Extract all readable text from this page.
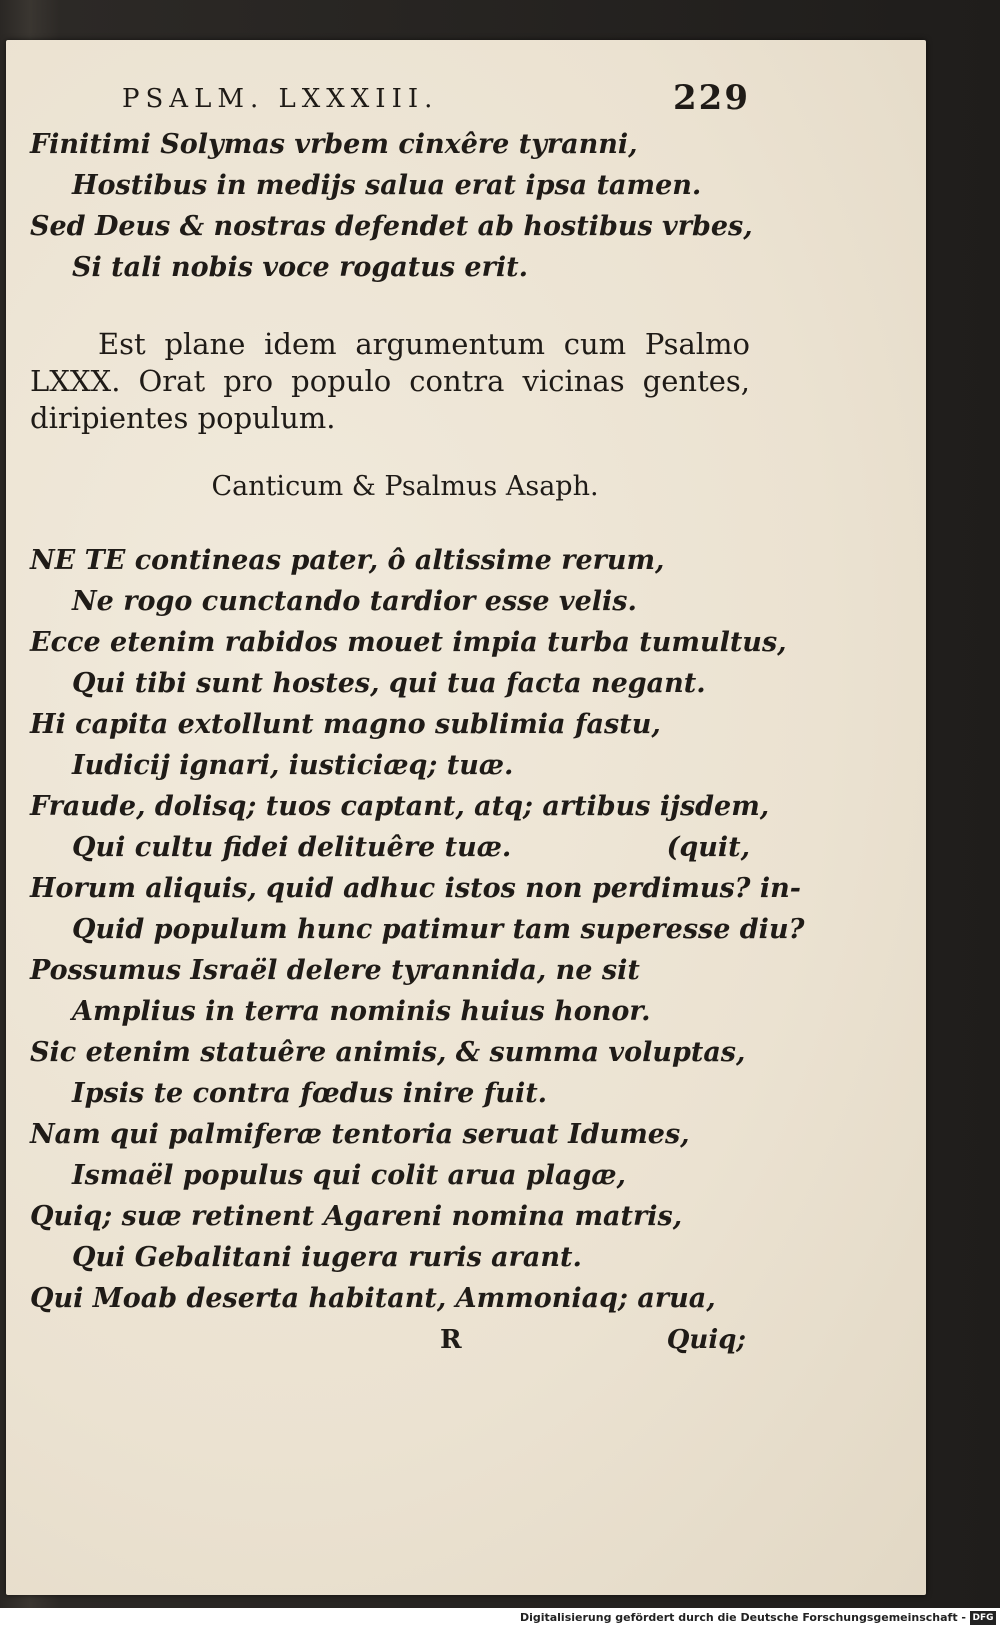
PSALM. LXXXIII.	229
Finitimi Solymas vrbem cinxêre tyranni,
Hostibus in medijs salua erat ipsa tamen.
Sed Deus & nostras defendet ab hostibus vrbes,
Si tali nobis voce rogatus erit.

Est plane idem argumentum cum Psalmo LXXX. Orat pro populo contra vicinas gentes, diripientes populum.

Canticum & Psalmus Asaph.
NE TE contineas pater, ô altissime rerum,
Ne rogo cunctando tardior esse velis.
Ecce etenim rabidos mouet impia turba tumultus,
Qui tibi sunt hostes, qui tua facta negant.
Hi capita extollunt magno sublimia fastu,
Iudicij ignari, iusticiæq; tuæ.
Fraude, dolisq; tuos captant, atq; artibus ijsdem,
Qui cultu fidei delituêre tuæ.	(quit,
Horum aliquis, quid adhuc istos non perdimus? in-
Quid populum hunc patimur tam superesse diu?
Possumus Israël delere tyrannida, ne sit
Amplius in terra nominis huius honor.
Sic etenim statuêre animis, & summa voluptas,
Ipsis te contra fœdus inire fuit.
Nam qui palmiferæ tentoria seruat Idumes,
Ismaël populus qui colit arua plagæ,
Quiq; suæ retinent Agareni nomina matris,
Qui Gebalitani iugera ruris arant.
Qui Moab deserta habitant, Ammoniaq; arua,
R	Quiq;
Digitalisierung gefördert durch die Deutsche Forschungsgemeinschaft - DFG
